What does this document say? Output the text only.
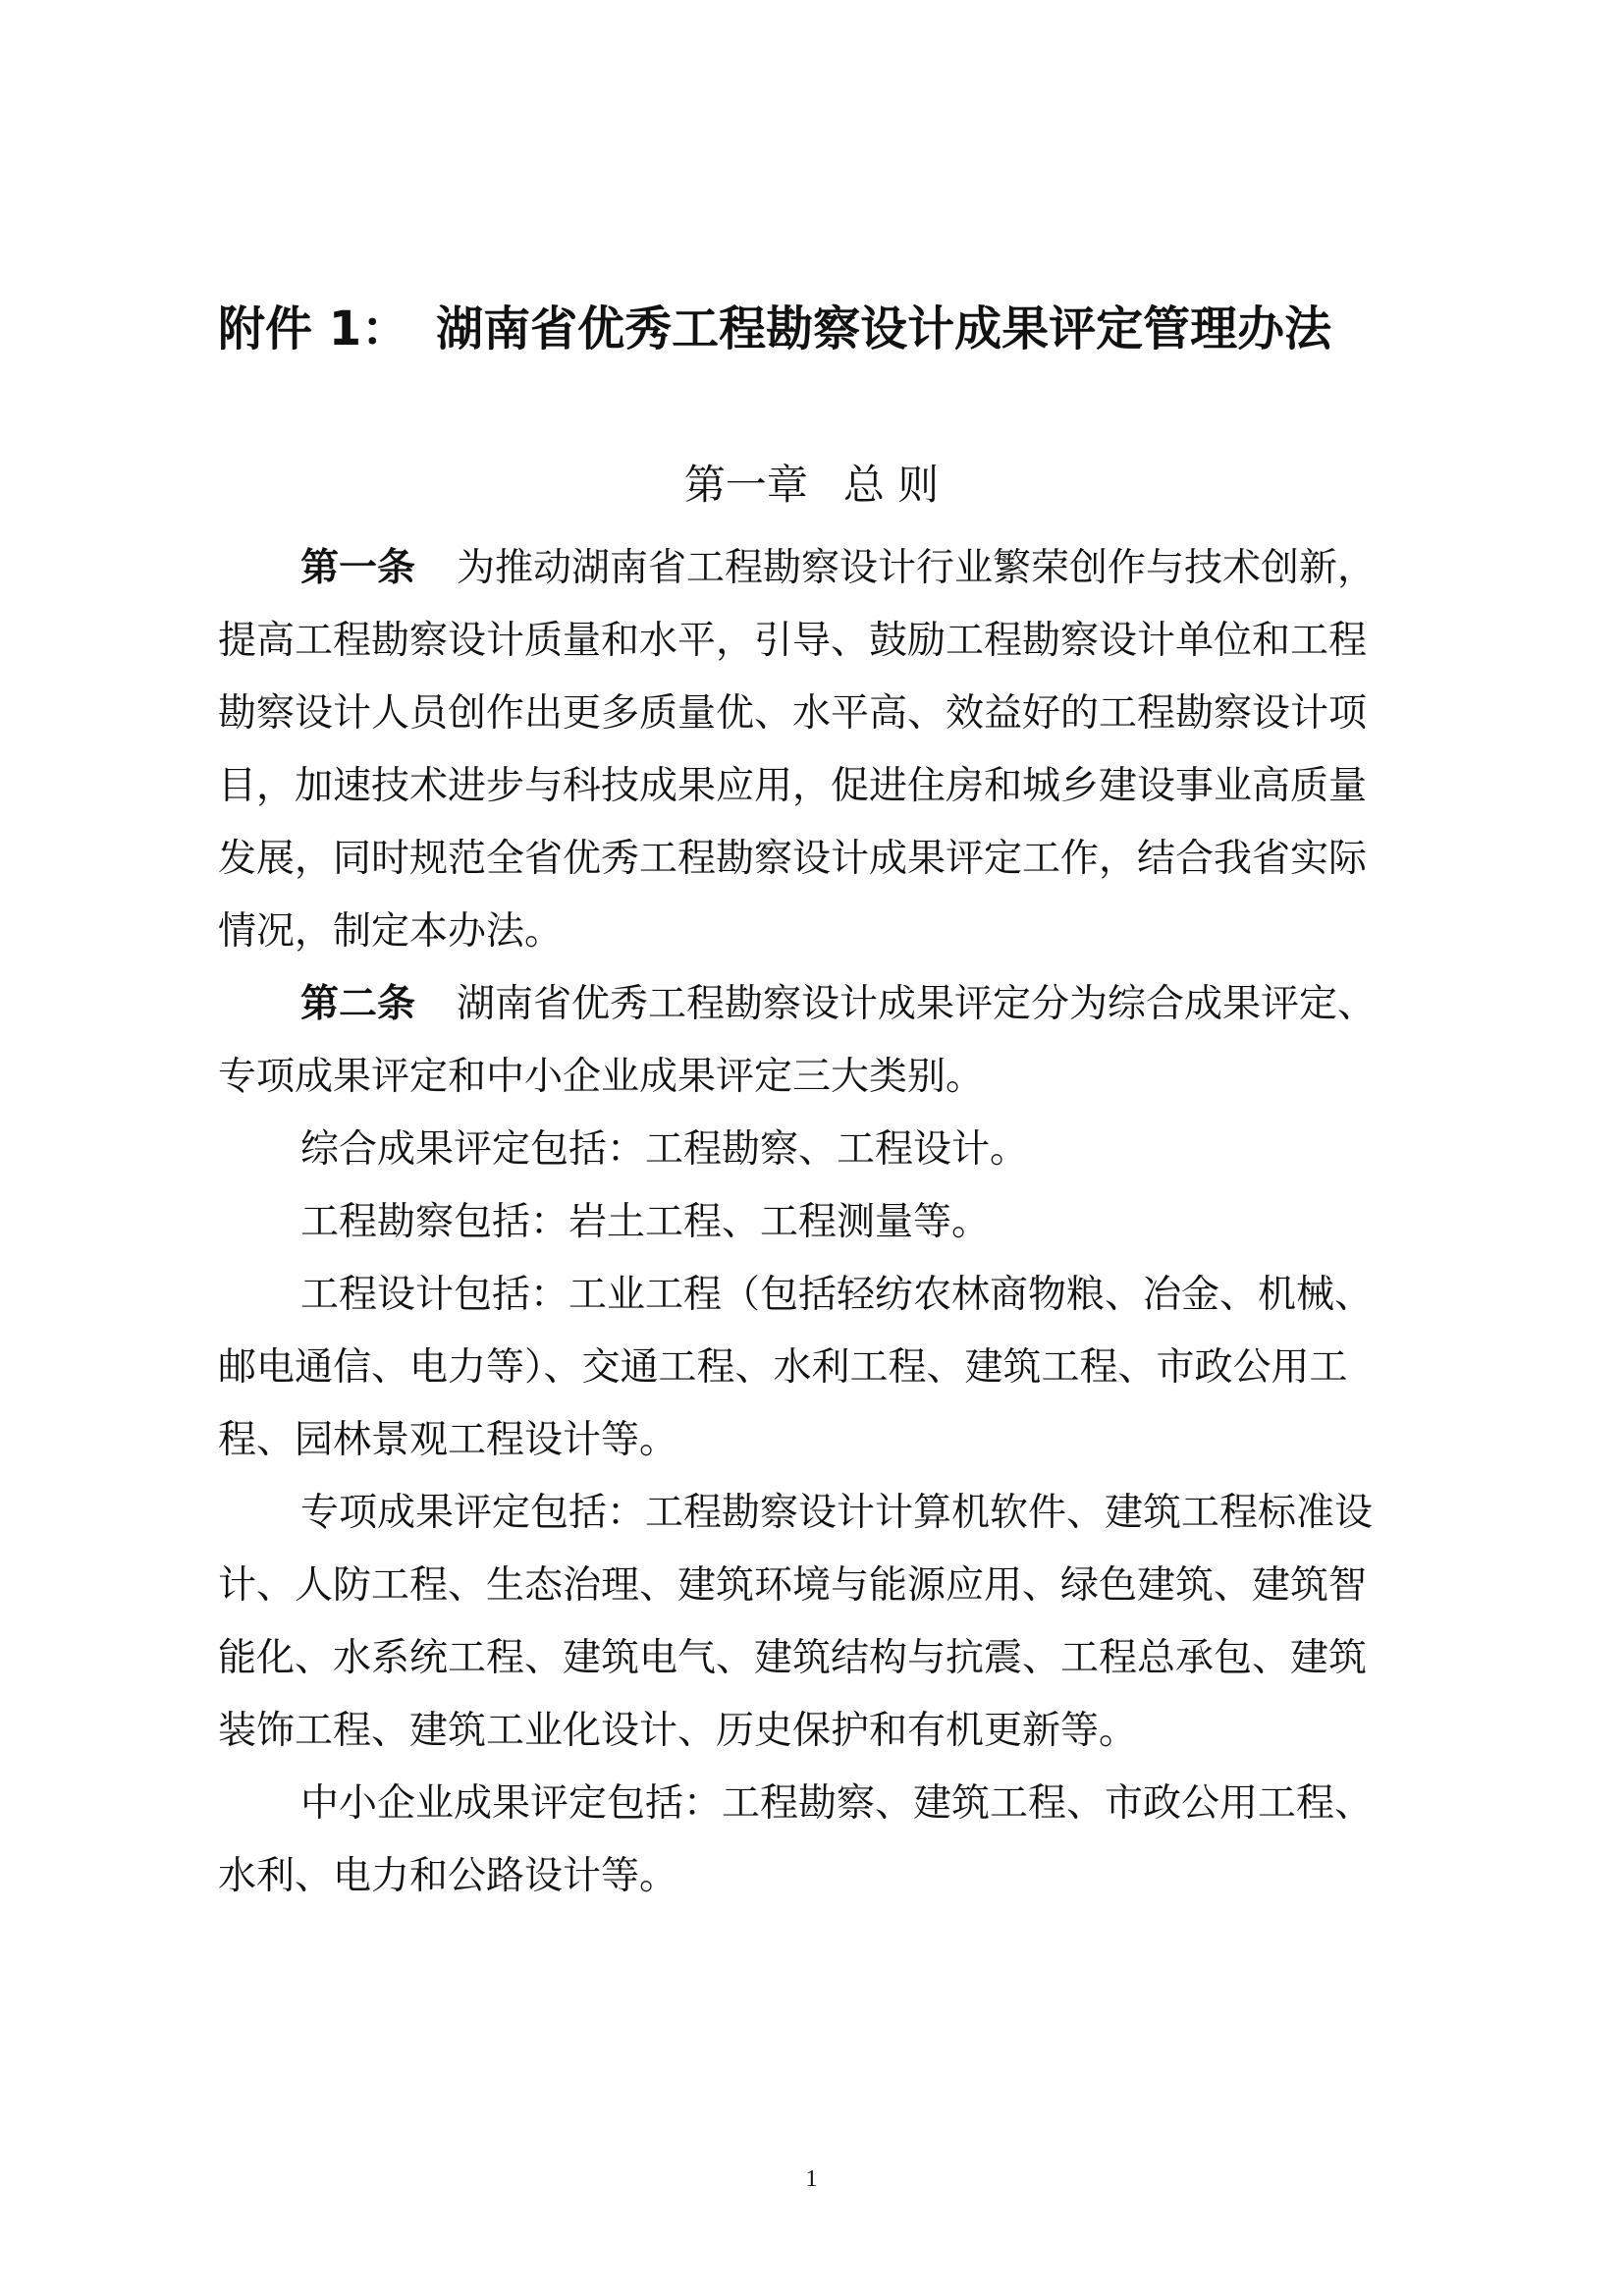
附件 1： 湖南省优秀工程勘察设计成果评定管理办法
第一章 总 则
第一条 为推动湖南省工程勘察设计行业繁荣创作与技术创新，
提高工程勘察设计质量和水平，引导、鼓励工程勘察设计单位和工程
勘察设计人员创作出更多质量优、水平高、效益好的工程勘察设计项
目，加速技术进步与科技成果应用，促进住房和城乡建设事业高质量
发展，同时规范全省优秀工程勘察设计成果评定工作，结合我省实际
情况，制定本办法。
第二条 湖南省优秀工程勘察设计成果评定分为综合成果评定、
专项成果评定和中小企业成果评定三大类别。
综合成果评定包括：工程勘察、工程设计。
工程勘察包括：岩土工程、工程测量等。
工程设计包括：工业工程（包括轻纺农林商物粮、冶金、机械、
邮电通信、电力等）、交通工程、水利工程、建筑工程、市政公用工
程、园林景观工程设计等。
专项成果评定包括：工程勘察设计计算机软件、建筑工程标准设
计、人防工程、生态治理、建筑环境与能源应用、绿色建筑、建筑智
能化、水系统工程、建筑电气、建筑结构与抗震、工程总承包、建筑
装饰工程、建筑工业化设计、历史保护和有机更新等。
中小企业成果评定包括：工程勘察、建筑工程、市政公用工程、
水利、电力和公路设计等。
1
